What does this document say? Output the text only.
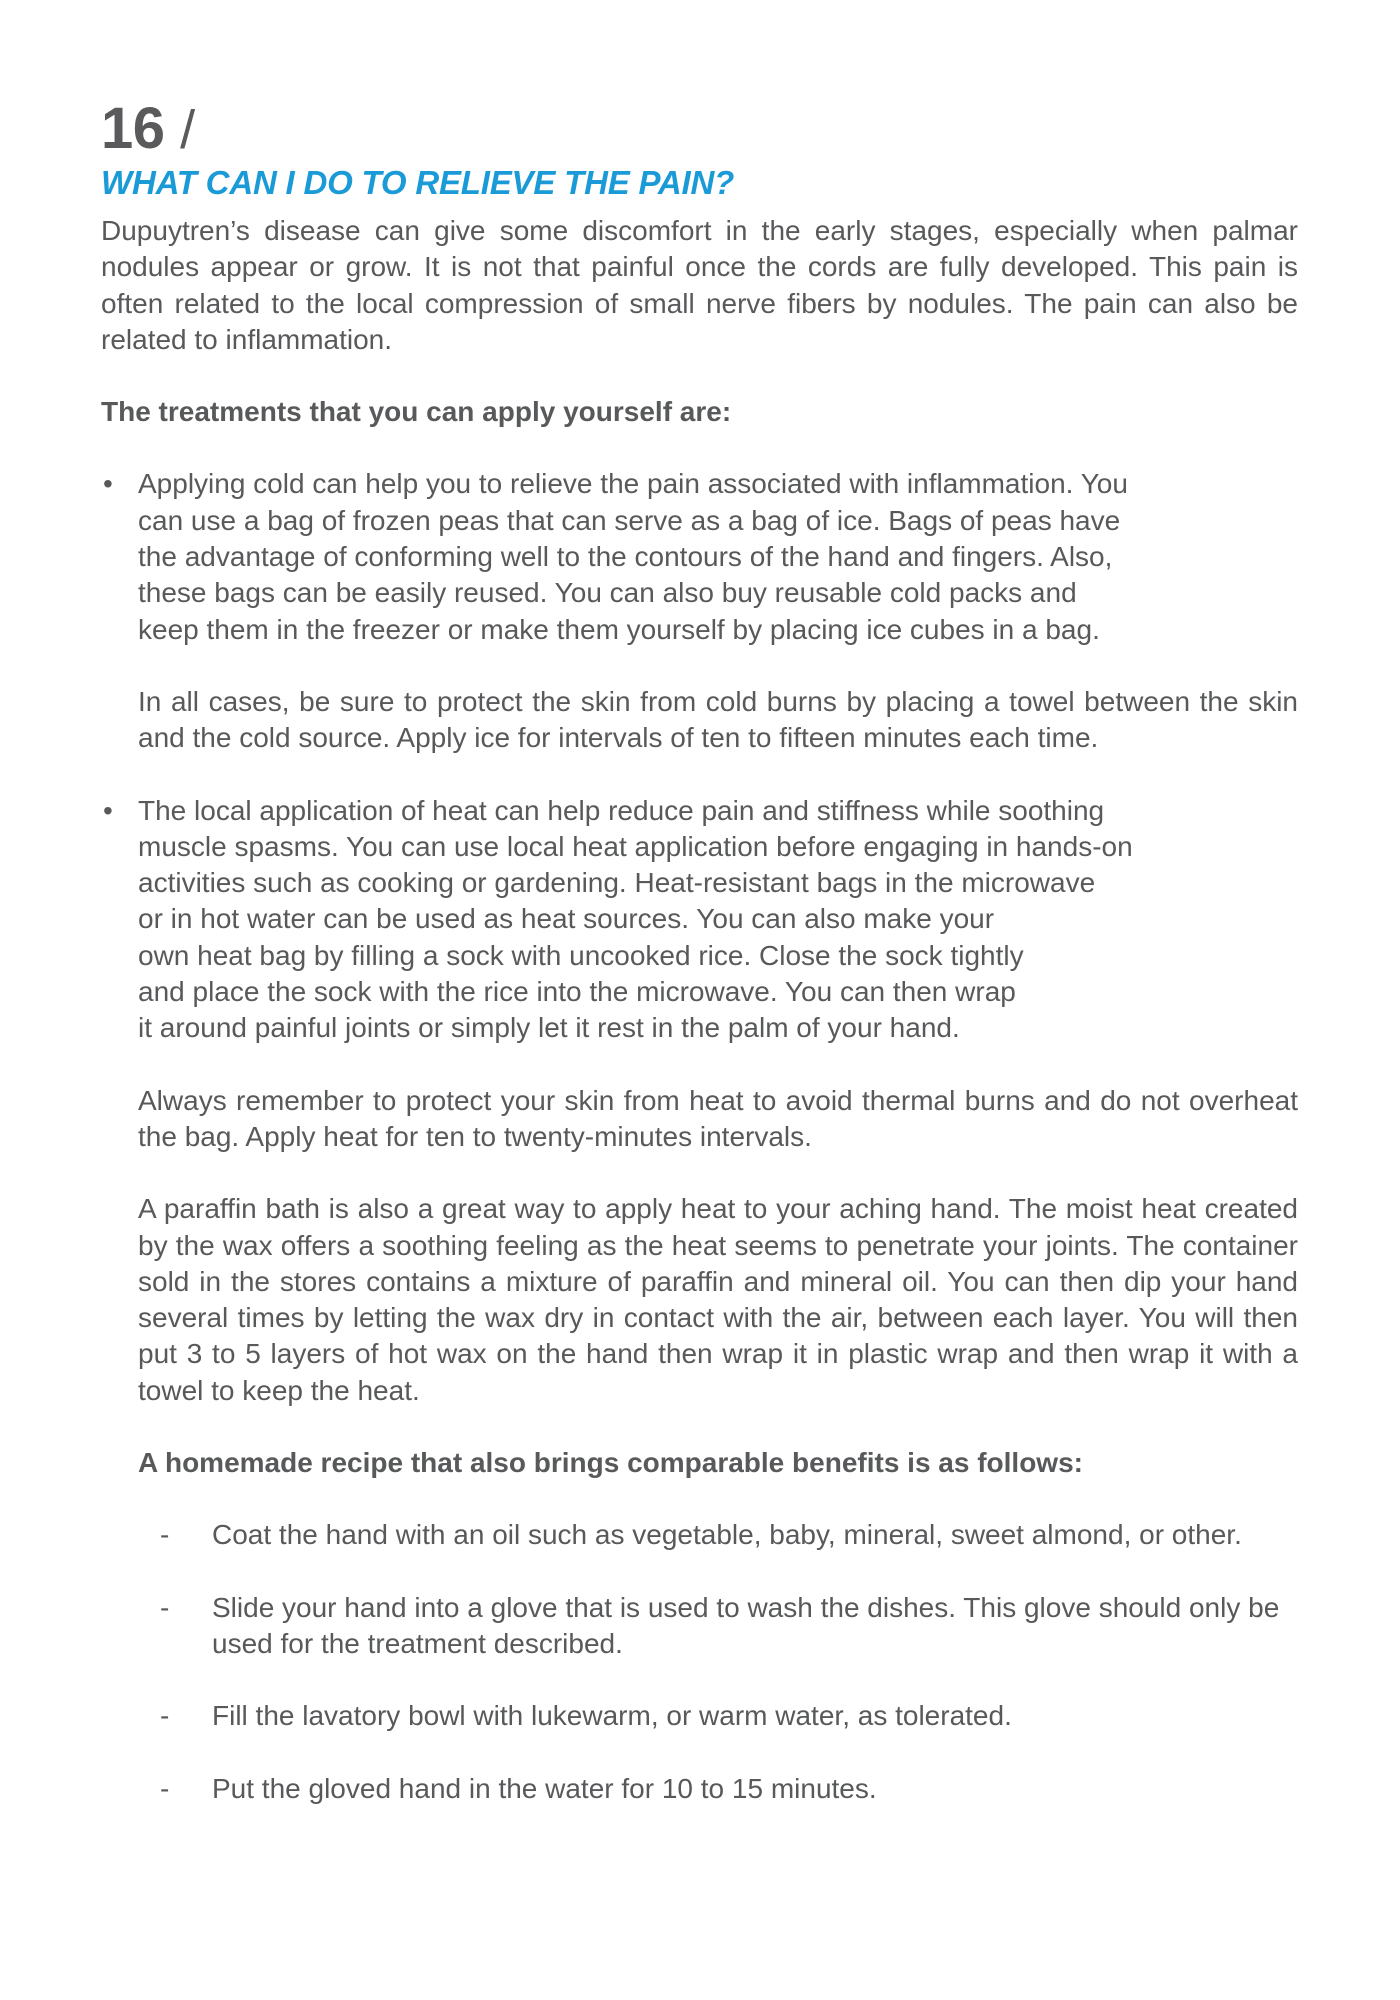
16 /
WHAT CAN I DO TO RELIEVE THE PAIN?

Dupuytren’s disease can give some discomfort in the early stages, especially when palmar nodules appear or grow. It is not that painful once the cords are fully developed. This pain is often related to the local compression of small nerve fibers by nodules. The pain can also be related to inflammation.

The treatments that you can apply yourself are:

• Applying cold can help you to relieve the pain associated with inflammation. You
can use a bag of frozen peas that can serve as a bag of ice. Bags of peas have
the advantage of conforming well to the contours of the hand and fingers. Also,
these bags can be easily reused. You can also buy reusable cold packs and
keep them in the freezer or make them yourself by placing ice cubes in a bag.

In all cases, be sure to protect the skin from cold burns by placing a towel between the skin and the cold source. Apply ice for intervals of ten to fifteen minutes each time.

• The local application of heat can help reduce pain and stiffness while soothing
muscle spasms. You can use local heat application before engaging in hands-on
activities such as cooking or gardening. Heat-resistant bags in the microwave
or in hot water can be used as heat sources. You can also make your
own heat bag by filling a sock with uncooked rice. Close the sock tightly
and place the sock with the rice into the microwave. You can then wrap
it around painful joints or simply let it rest in the palm of your hand.

Always remember to protect your skin from heat to avoid thermal burns and do not overheat the bag. Apply heat for ten to twenty-minutes intervals.

A paraffin bath is also a great way to apply heat to your aching hand. The moist heat created by the wax offers a soothing feeling as the heat seems to penetrate your joints. The container sold in the stores contains a mixture of paraffin and mineral oil. You can then dip your hand several times by letting the wax dry in contact with the air, between each layer. You will then put 3 to 5 layers of hot wax on the hand then wrap it in plastic wrap and then wrap it with a towel to keep the heat.

A homemade recipe that also brings comparable benefits is as follows:

- Coat the hand with an oil such as vegetable, baby, mineral, sweet almond, or other.
- Slide your hand into a glove that is used to wash the dishes. This glove should only be used for the treatment described.
- Fill the lavatory bowl with lukewarm, or warm water, as tolerated.
- Put the gloved hand in the water for 10 to 15 minutes.
